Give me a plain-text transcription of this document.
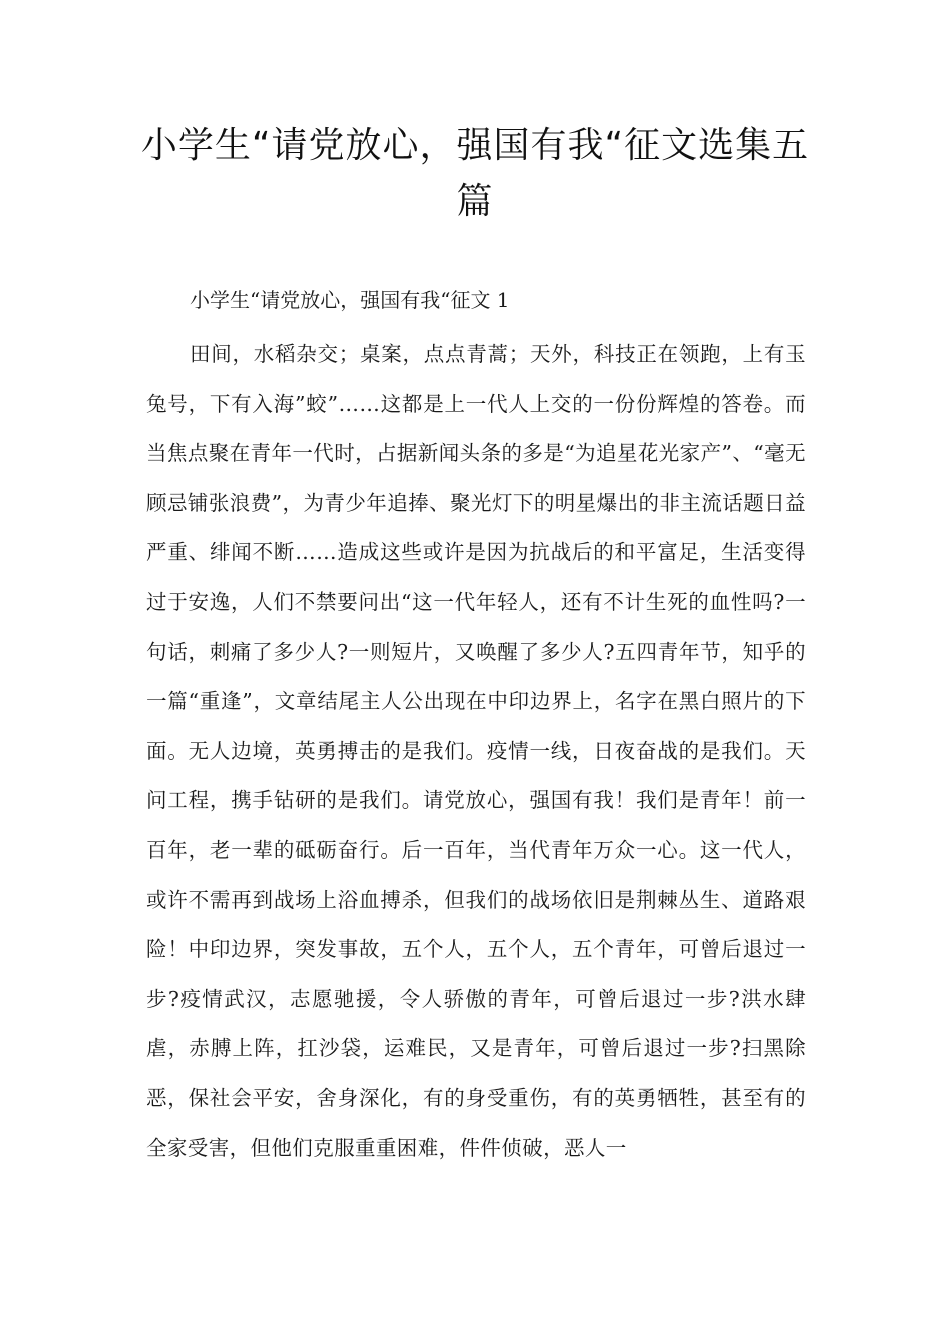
小学生“请党放心，强国有我“征文选集五篇

小学生“请党放心，强国有我“征文 1

田间，水稻杂交；桌案，点点青蒿；天外，科技正在领跑，上有玉兔号，下有入海”蛟”……这都是上一代人上交的一份份辉煌的答卷。而当焦点聚在青年一代时，占据新闻头条的多是“为追星花光家产”、“毫无顾忌铺张浪费”，为青少年追捧、聚光灯下的明星爆出的非主流话题日益严重、绯闻不断……造成这些或许是因为抗战后的和平富足，生活变得过于安逸，人们不禁要问出“这一代年轻人，还有不计生死的血性吗?一句话，刺痛了多少人?一则短片，又唤醒了多少人?五四青年节，知乎的一篇“重逢”，文章结尾主人公出现在中印边界上，名字在黑白照片的下面。无人边境，英勇搏击的是我们。疫情一线，日夜奋战的是我们。天问工程，携手钻研的是我们。请党放心，强国有我！我们是青年！前一百年，老一辈的砥砺奋行。后一百年，当代青年万众一心。这一代人，或许不需再到战场上浴血搏杀，但我们的战场依旧是荆棘丛生、道路艰险！中印边界，突发事故，五个人，五个人，五个青年，可曾后退过一步?疫情武汉，志愿驰援，令人骄傲的青年，可曾后退过一步?洪水肆虐，赤膊上阵，扛沙袋，运难民，又是青年，可曾后退过一步?扫黑除恶，保社会平安，舍身深化，有的身受重伤，有的英勇牺牲，甚至有的全家受害，但他们克服重重困难，件件侦破，恶人一
